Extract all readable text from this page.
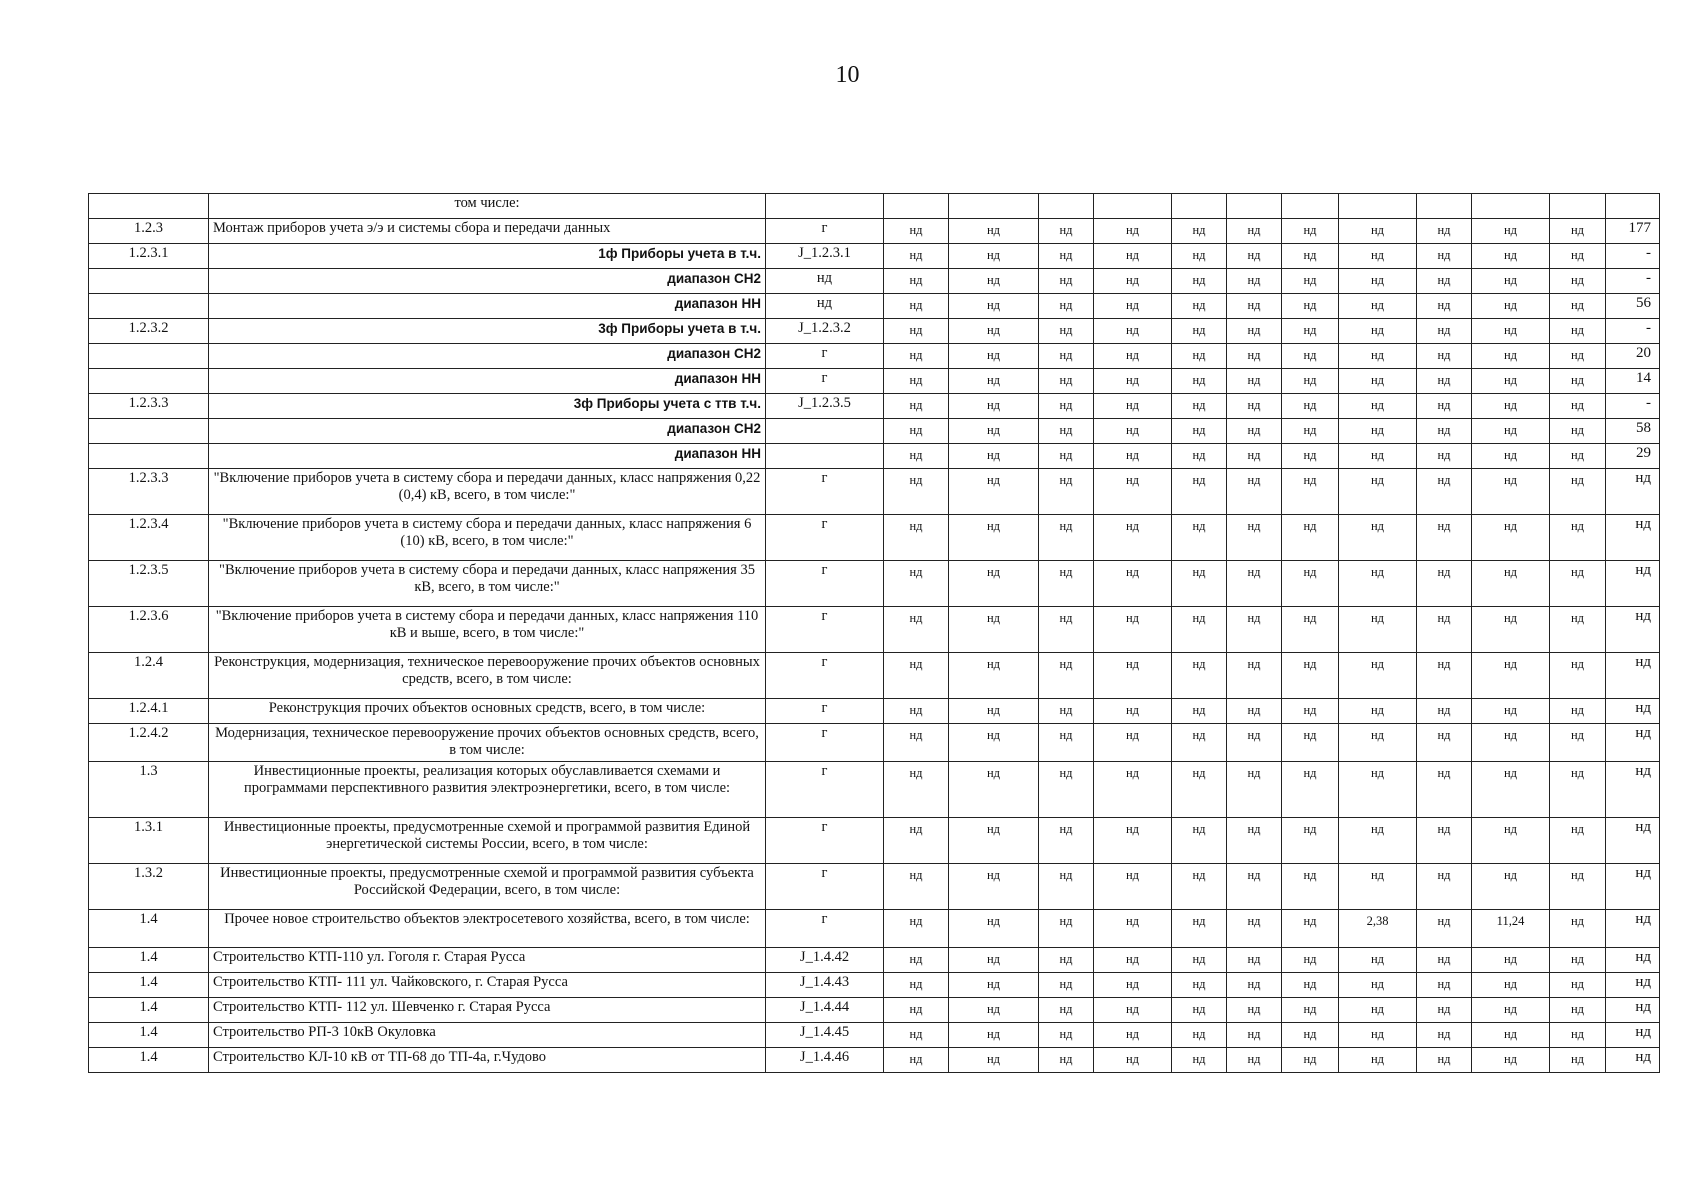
10
	том числе:													
1.2.3	Монтаж приборов учета э/э и системы сбора и передачи данных	г	нд	нд	нд	нд	нд	нд	нд	нд	нд	нд	нд	177
1.2.3.1	1ф Приборы учета в т.ч.	J_1.2.3.1	нд	нд	нд	нд	нд	нд	нд	нд	нд	нд	нд	-
	диапазон СН2	нд	нд	нд	нд	нд	нд	нд	нд	нд	нд	нд	нд	-
	диапазон НН	нд	нд	нд	нд	нд	нд	нд	нд	нд	нд	нд	нд	56
1.2.3.2	3ф Приборы учета в т.ч.	J_1.2.3.2	нд	нд	нд	нд	нд	нд	нд	нд	нд	нд	нд	-
	диапазон СН2	г	нд	нд	нд	нд	нд	нд	нд	нд	нд	нд	нд	20
	диапазон НН	г	нд	нд	нд	нд	нд	нд	нд	нд	нд	нд	нд	14
1.2.3.3	3ф Приборы учета с ттв т.ч.	J_1.2.3.5	нд	нд	нд	нд	нд	нд	нд	нд	нд	нд	нд	-
	диапазон СН2		нд	нд	нд	нд	нд	нд	нд	нд	нд	нд	нд	58
	диапазон НН		нд	нд	нд	нд	нд	нд	нд	нд	нд	нд	нд	29
1.2.3.3	"Включение приборов учета в систему сбора и передачи данных, класс напряжения 0,22 (0,4) кВ, всего, в том числе:"	г	нд	нд	нд	нд	нд	нд	нд	нд	нд	нд	нд	нд
1.2.3.4	"Включение приборов учета в систему сбора и передачи данных, класс напряжения 6 (10) кВ, всего, в том числе:"	г	нд	нд	нд	нд	нд	нд	нд	нд	нд	нд	нд	нд
1.2.3.5	"Включение приборов учета в систему сбора и передачи данных, класс напряжения 35 кВ, всего, в том числе:"	г	нд	нд	нд	нд	нд	нд	нд	нд	нд	нд	нд	нд
1.2.3.6	"Включение приборов учета в систему сбора и передачи данных, класс напряжения 110 кВ и выше, всего, в том числе:"	г	нд	нд	нд	нд	нд	нд	нд	нд	нд	нд	нд	нд
1.2.4	Реконструкция, модернизация, техническое перевооружение прочих объектов основных средств, всего, в том числе:	г	нд	нд	нд	нд	нд	нд	нд	нд	нд	нд	нд	нд
1.2.4.1	Реконструкция прочих объектов основных средств, всего, в том числе:	г	нд	нд	нд	нд	нд	нд	нд	нд	нд	нд	нд	нд
1.2.4.2	Модернизация, техническое перевооружение прочих объектов основных средств, всего, в том числе:	г	нд	нд	нд	нд	нд	нд	нд	нд	нд	нд	нд	нд
1.3	Инвестиционные проекты, реализация которых обуславливается схемами и программами перспективного развития электроэнергетики, всего, в том числе:	г	нд	нд	нд	нд	нд	нд	нд	нд	нд	нд	нд	нд
1.3.1	Инвестиционные проекты, предусмотренные схемой и программой развития Единой энергетической системы России, всего, в том числе:	г	нд	нд	нд	нд	нд	нд	нд	нд	нд	нд	нд	нд
1.3.2	Инвестиционные проекты, предусмотренные схемой и программой развития субъекта Российской Федерации, всего, в том числе:	г	нд	нд	нд	нд	нд	нд	нд	нд	нд	нд	нд	нд
1.4	Прочее новое строительство объектов электросетевого хозяйства, всего, в том числе:	г	нд	нд	нд	нд	нд	нд	нд	2,38	нд	11,24	нд	нд
1.4	Строительство КТП-110 ул. Гоголя г. Старая Русса	J_1.4.42	нд	нд	нд	нд	нд	нд	нд	нд	нд	нд	нд	нд
1.4	Строительство КТП- 111 ул. Чайковского, г. Старая Русса	J_1.4.43	нд	нд	нд	нд	нд	нд	нд	нд	нд	нд	нд	нд
1.4	Строительство КТП- 112 ул. Шевченко г. Старая Русса	J_1.4.44	нд	нд	нд	нд	нд	нд	нд	нд	нд	нд	нд	нд
1.4	Строительство РП-3 10кВ Окуловка	J_1.4.45	нд	нд	нд	нд	нд	нд	нд	нд	нд	нд	нд	нд
1.4	Строительство КЛ-10 кВ от ТП-68 до ТП-4а, г.Чудово	J_1.4.46	нд	нд	нд	нд	нд	нд	нд	нд	нд	нд	нд	нд
